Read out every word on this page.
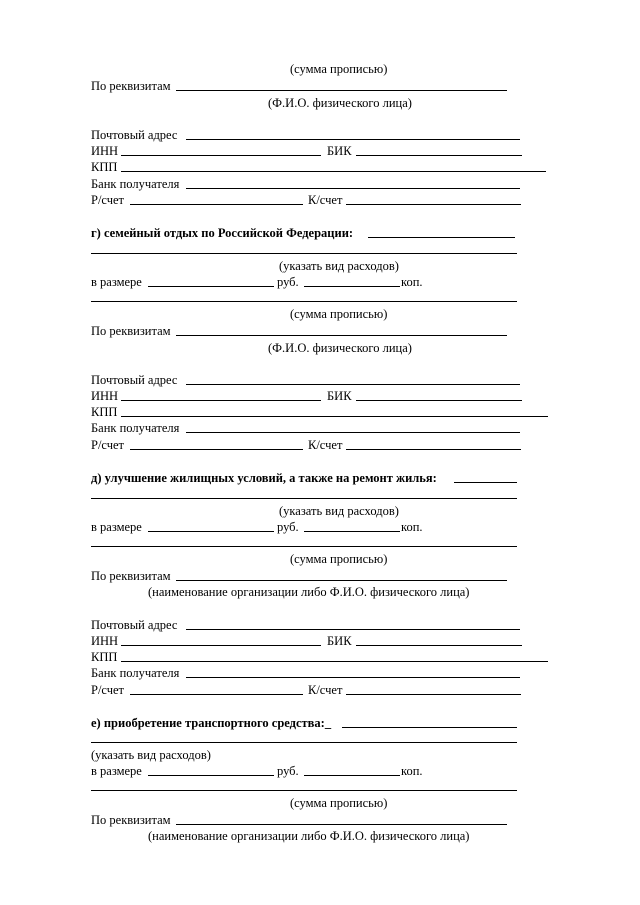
(сумма прописью)
По реквизитам
(Ф.И.О. физического лица)
Почтовый адрес
ИНН	БИК
КПП
Банк получателя
Р/счет	К/счет
г) семейный отдых по Российской Федерации:
(указать вид расходов)
в размере	руб.	коп.
(сумма прописью)
По реквизитам
(Ф.И.О. физического лица)
Почтовый адрес
ИНН	БИК
КПП
Банк получателя
Р/счет	К/счет
д) улучшение жилищных условий, а также на ремонт жилья:
(указать вид расходов)
в размере	руб.	коп.
(сумма прописью)
По реквизитам
(наименование организации либо Ф.И.О. физического лица)
Почтовый адрес
ИНН	БИК
КПП
Банк получателя
Р/счет	К/счет
е) приобретение транспортного средства:_
(указать вид расходов)
в размере	руб.	коп.
(сумма прописью)
По реквизитам
(наименование организации либо Ф.И.О. физического лица)
